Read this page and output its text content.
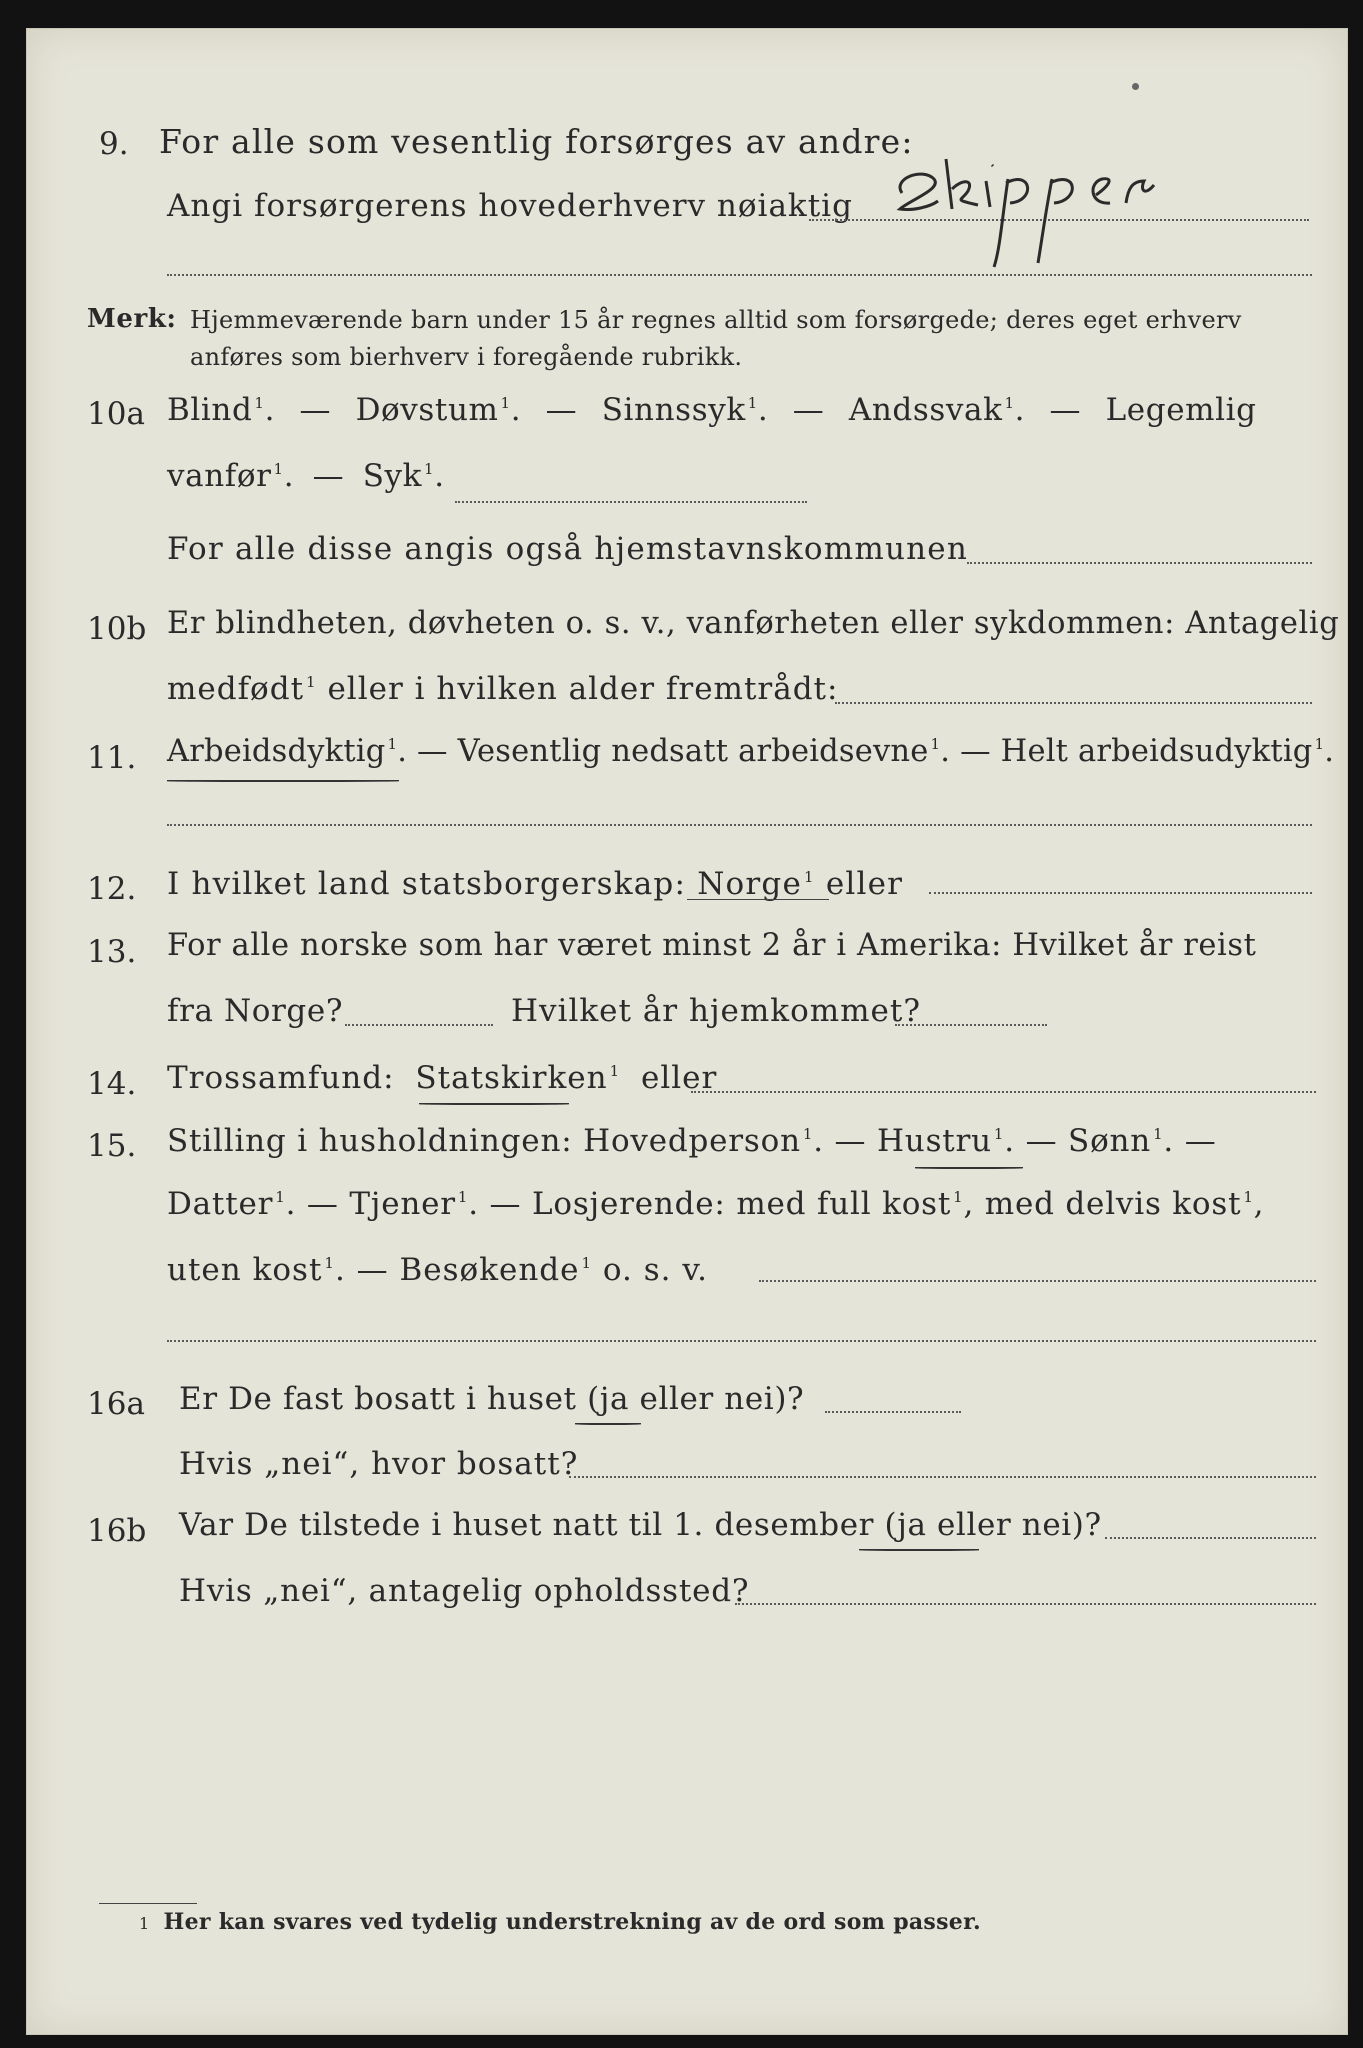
9. For alle som vesentlig forsørges av andre:
Angi forsørgerens hovederhverv nøiaktig
Merk: Hjemmeværende barn under 15 år regnes alltid som forsørgede; deres eget erhverv
anføres som bierhverv i foregående rubrikk.
10a Blind $^1$. — Døvstum $^1$. — Sinnssyk $^1$. — Andssvak $^1$. — Legemlig
vanfør $^1$. — Syk $^1$.
For alle disse angis også hjemstavnskommunen
10b Er blindheten, døvheten o. s. v., vanførheten eller sykdommen: Antagelig
medfødt $^1$ eller i hvilken alder fremtrådt:
11. Arbeidsdyktig $^1$. — Vesentlig nedsatt arbeidsevne $^1$. — Helt arbeidsudyktig $^1$.
12. I hvilket land statsborgerskap: Norge $^1$ eller
13. For alle norske som har været minst 2 år i Amerika: Hvilket år reist
fra Norge?	Hvilket år hjemkommet?
14. Trossamfund: Statskirken $^1$ eller
15. Stilling i husholdningen: Hovedperson $^1$. — Hustru $^1$. — Sønn $^1$. —
Datter $^1$. — Tjener $^1$. — Losjerende: med full kost $^1$, med delvis kost $^1$,
uten kost $^1$. — Besøkende $^1$ o. s. v.
16a Er De fast bosatt i huset (ja eller nei)?
Hvis „nei“, hvor bosatt?
16b Var De tilstede i huset natt til 1. desember (ja eller nei)?
Hvis „nei“, antagelig opholdssted?
1 Her kan svares ved tydelig understrekning av de ord som passer.
